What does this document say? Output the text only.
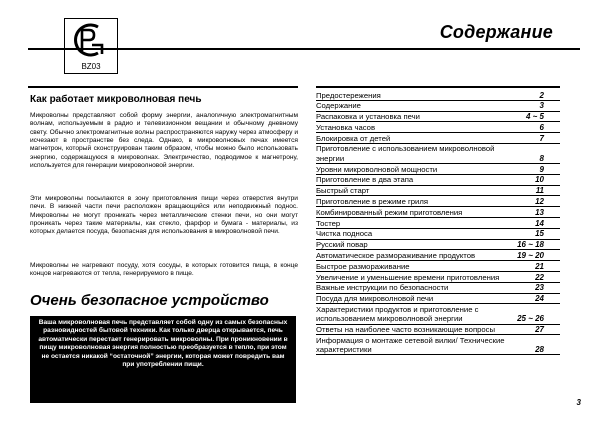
BZ03
Содержание
Как работает микроволновая печь

Микроволны представляют собой форму энергии, аналогичную электромагнитным волнам, используемым в радио и телевизионном вещании и обычному дневному свету. Обычно электромагнитные волны распространяются наружу через атмосферу и исчезают в пространстве без следа. Однако, в микроволновых печах имеется магнетрон, который сконструирован таким образом, чтобы можно было использовать энергию, содержащуюся в микроволнах. Электричество, подводимое к магнетрону, используется для генерации микроволновой энергии.

Эти микроволны посылаются в зону приготовления пищи через отверстия внутри печи. В нижней части печи расположен вращающийся или неподвижный поднос. Микроволны не могут проникать через металлические стенки печи, но они могут проникать через такие материалы, как стекло, фарфор и бумага - материалы, из которых делается посуда, безопасная для использования в микроволновой печи.

Микроволны не нагревают посуду, хотя сосуды, в которых готовится пища, в конце концов нагреваются от тепла, генерируемого в пище.

Очень безопасное устройство
Ваша микроволновая печь представляет собой одну из самых безопасных разновидностей бытовой техники. Как только дверца открывается, печь автоматически перестает генерировать микроволны. При проникновении в пищу микроволновая энергия полностью преобразуется в тепло, при этом не остается никакой “остаточной” энергии, которая может повредить вам при употреблении пищи.
Предостережения	2
Содержание	3
Распаковка и установка печи	4 ~ 5
Установка часов	6
Блокировка от детей	7
Приготовление с использованием микроволновой энергии	8
Уровни микроволновой мощности	9
Приготовление в два этапа	10
Быстрый старт	11
Приготовление в режиме гриля	12
Комбинированный режим приготовления	13
Тостер	14
Чистка подноса	15
Русский повар	16 ~ 18
Автоматическое размораживание продуктов	19 ~ 20
Быстрое размораживание	21
Увеличение и уменьшение времени приготовления	22
Важные инструкции по безопасности	23
Посуда для микроволновой печи	24
Характеристики продуктов и приготовление с использованием микроволновой энергии	25 ~ 26
Ответы на наиболее часто возникающие вопросы	27
Информация о монтаже сетевой вилки/ Технические характеристики	28
3
